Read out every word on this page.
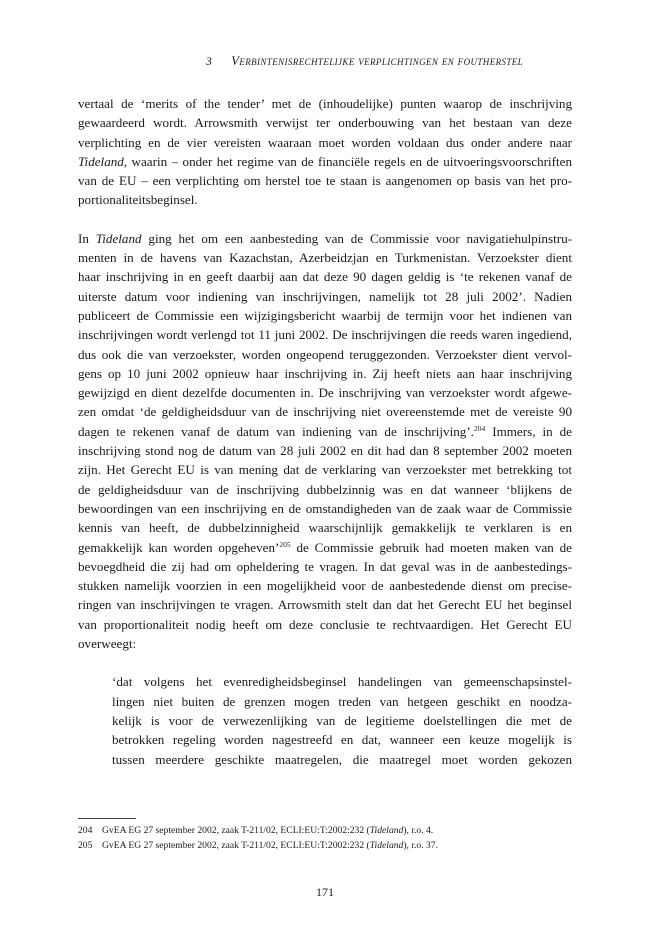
3 Verbintenisrechtelijke verplichtingen en foutherstel
vertaal de ‘merits of the tender’ met de (inhoudelijke) punten waarop de inschrijving
gewaardeerd wordt. Arrowsmith verwijst ter onderbouwing van het bestaan van deze
verplichting en de vier vereisten waaraan moet worden voldaan dus onder andere naar
Tideland, waarin – onder het regime van de financiële regels en de uitvoeringsvoorschriften
van de EU – een verplichting om herstel toe te staan is aangenomen op basis van het pro-
portionaliteitsbeginsel.
In Tideland ging het om een aanbesteding van de Commissie voor navigatiehulpinstru-
menten in de havens van Kazachstan, Azerbeidzjan en Turkmenistan. Verzoekster dient
haar inschrijving in en geeft daarbij aan dat deze 90 dagen geldig is ‘te rekenen vanaf de
uiterste datum voor indiening van inschrijvingen, namelijk tot 28 juli 2002’. Nadien
publiceert de Commissie een wijzigingsbericht waarbij de termijn voor het indienen van
inschrijvingen wordt verlengd tot 11 juni 2002. De inschrijvingen die reeds waren ingediend,
dus ook die van verzoekster, worden ongeopend teruggezonden. Verzoekster dient vervol-
gens op 10 juni 2002 opnieuw haar inschrijving in. Zij heeft niets aan haar inschrijving
gewijzigd en dient dezelfde documenten in. De inschrijving van verzoekster wordt afgewe-
zen omdat ‘de geldigheidsduur van de inschrijving niet overeenstemde met de vereiste 90
dagen te rekenen vanaf de datum van indiening van de inschrijving’.$^{204}$ Immers, in de
inschrijving stond nog de datum van 28 juli 2002 en dit had dan 8 september 2002 moeten
zijn. Het Gerecht EU is van mening dat de verklaring van verzoekster met betrekking tot
de geldigheidsduur van de inschrijving dubbelzinnig was en dat wanneer ‘blijkens de
bewoordingen van een inschrijving en de omstandigheden van de zaak waar de Commissie
kennis van heeft, de dubbelzinnigheid waarschijnlijk gemakkelijk te verklaren is en
gemakkelijk kan worden opgeheven’$^{205}$ de Commissie gebruik had moeten maken van de
bevoegdheid die zij had om opheldering te vragen. In dat geval was in de aanbestedings-
stukken namelijk voorzien in een mogelijkheid voor de aanbestedende dienst om precise-
ringen van inschrijvingen te vragen. Arrowsmith stelt dan dat het Gerecht EU het beginsel
van proportionaliteit nodig heeft om deze conclusie te rechtvaardigen. Het Gerecht EU
overweegt:
‘dat volgens het evenredigheidsbeginsel handelingen van gemeenschapsinstel-
lingen niet buiten de grenzen mogen treden van hetgeen geschikt en noodza-
kelijk is voor de verwezenlijking van de legitieme doelstellingen die met de
betrokken regeling worden nagestreefd en dat, wanneer een keuze mogelijk is
tussen meerdere geschikte maatregelen, die maatregel moet worden gekozen
204 GvEA EG 27 september 2002, zaak T-211/02, ECLI:EU:T:2002:232 (Tideland), r.o. 4.
205 GvEA EG 27 september 2002, zaak T-211/02, ECLI:EU:T:2002:232 (Tideland), r.o. 37.
171
